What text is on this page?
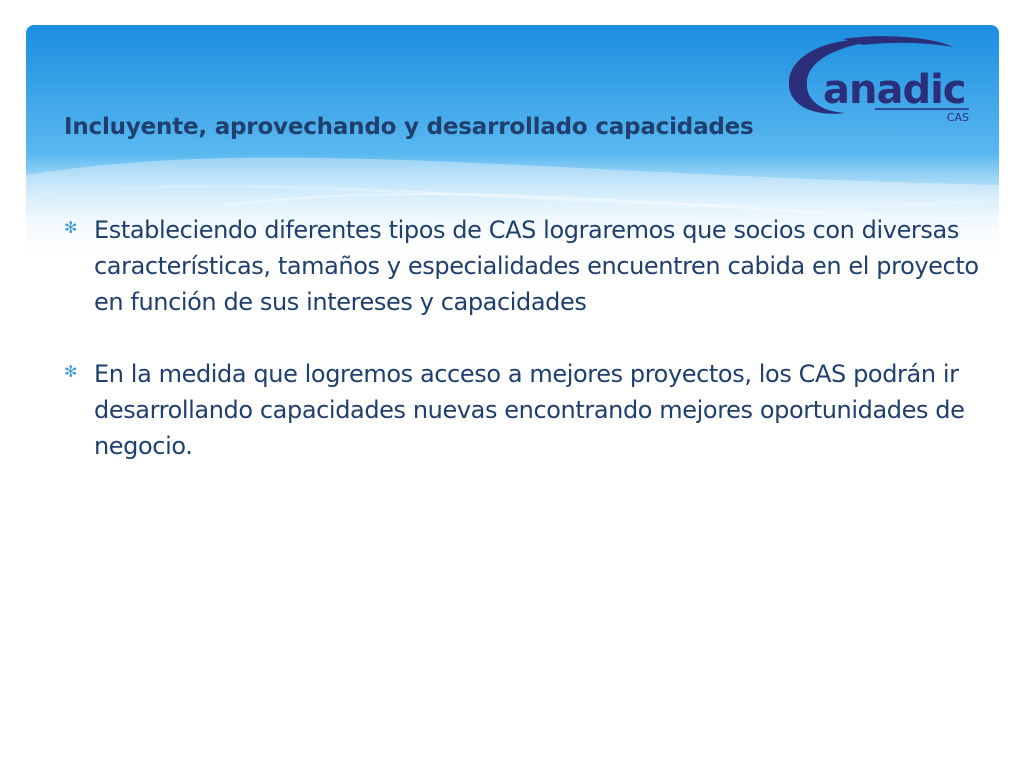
anadic
CAS
Incluyente, aprovechando y desarrollado capacidades
✻ Estableciendo diferentes tipos de CAS lograremos que socios con diversas características, tamaños y especialidades encuentren cabida en el proyecto en función de sus intereses y capacidades
✻ En la medida que logremos acceso a mejores proyectos, los CAS podrán ir desarrollando capacidades nuevas encontrando mejores oportunidades de negocio.
